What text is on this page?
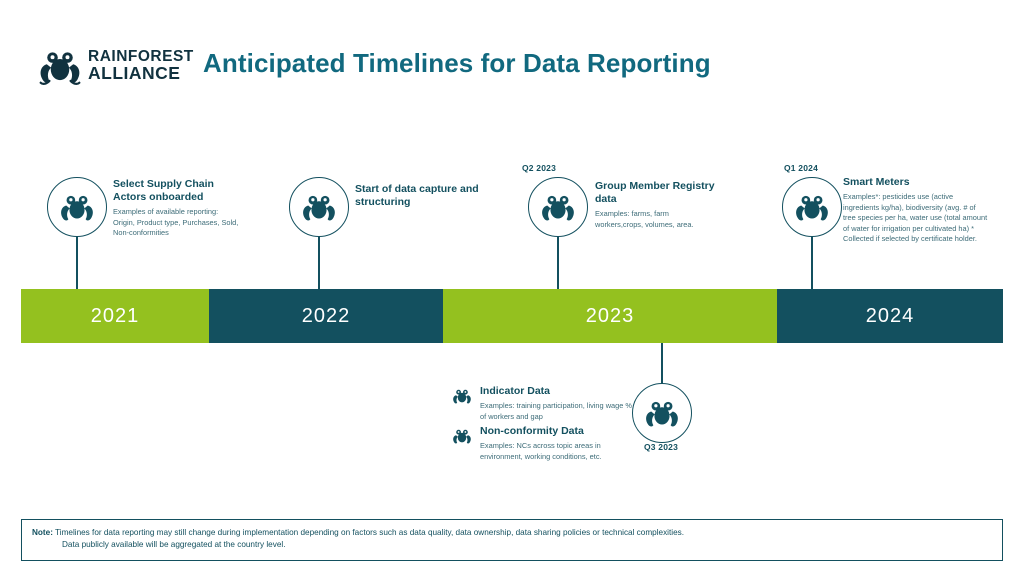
RAINFOREST
ALLIANCE Anticipated Timelines for Data Reporting
2021	2022	2023	2024
Select Supply Chain Actors onboarded

Examples of available reporting: Origin, Product type, Purchases, Sold, Non-conformities

Start of data capture and structuring

Q2 2023
Group Member Registry data

Examples: farms, farm workers,crops, volumes, area.

Q1 2024
Smart Meters

Examples*: pesticides use (active ingredients kg/ha), biodiversity (avg. # of tree species per ha, water use (total amount of water for irrigation per cultivated ha) * Collected if selected by certificate holder.

Q3 2023
Indicator Data

Examples: training participation, living wage % of workers and gap

Non-conformity Data

Examples: NCs across topic areas in environment, working conditions, etc.

Note: Timelines for data reporting may still change during implementation depending on factors such as data quality, data ownership, data sharing policies or technical complexities.
Data publicly available will be aggregated at the country level.
